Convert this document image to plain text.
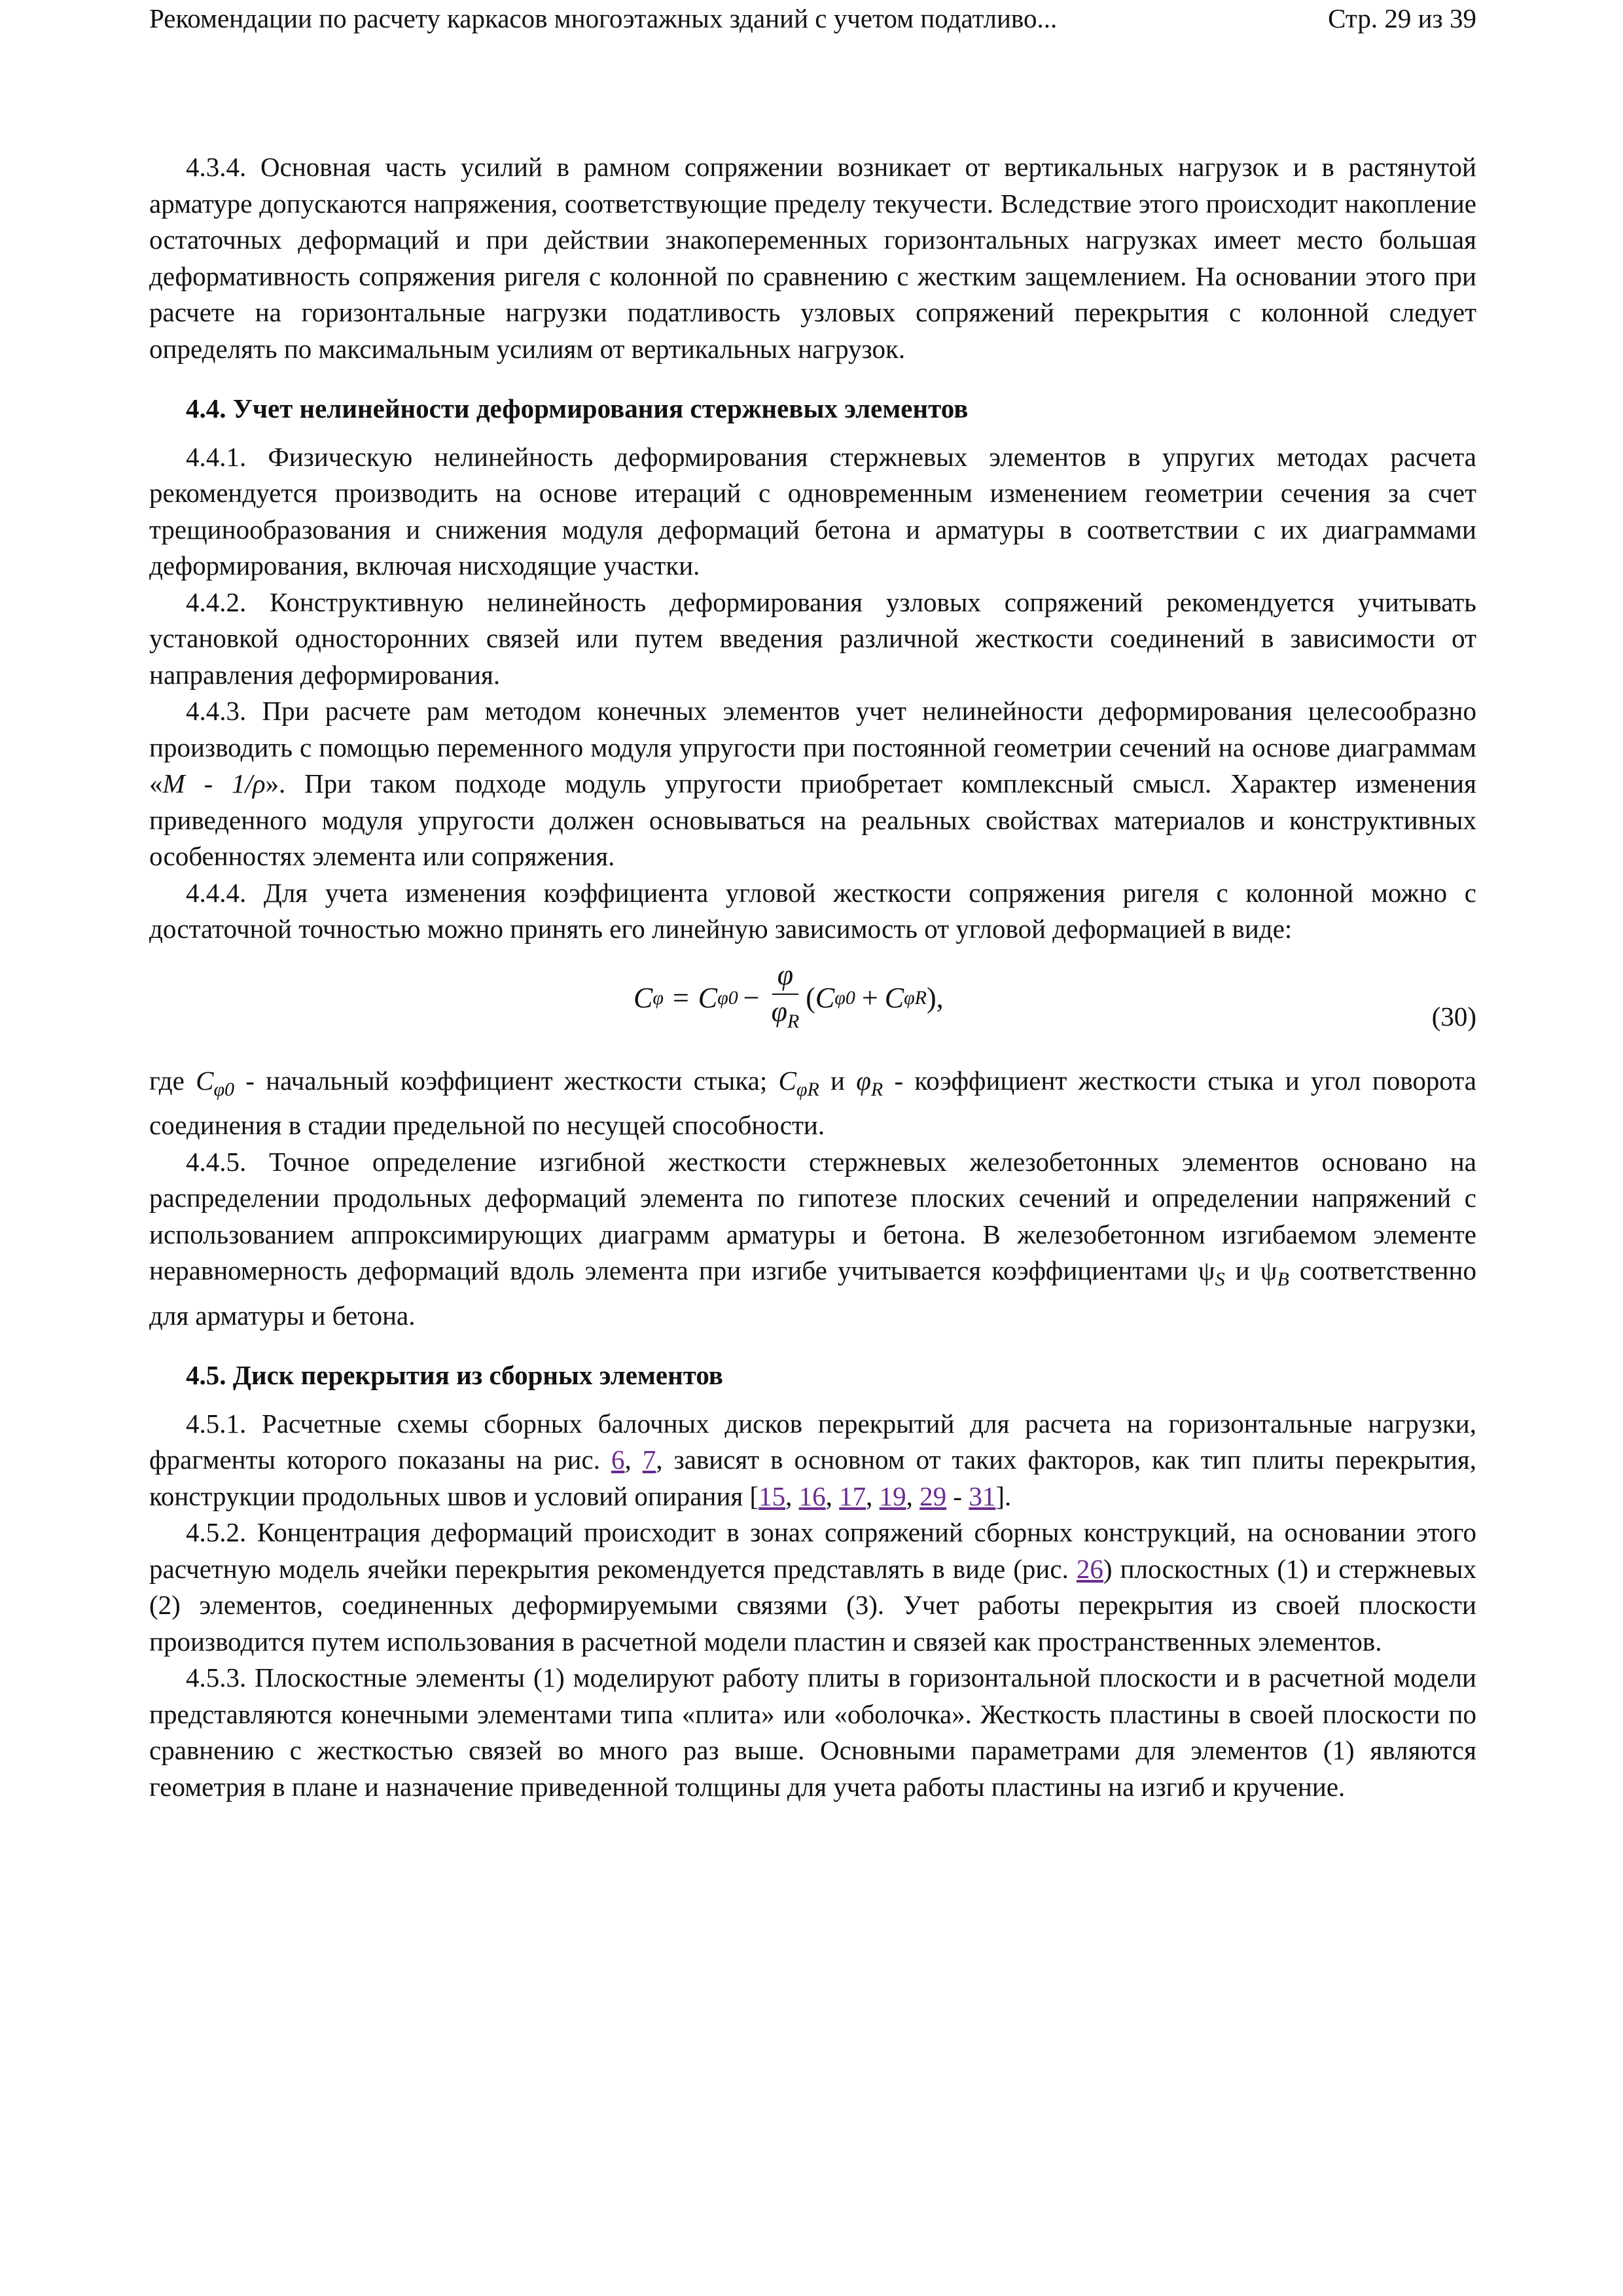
Рекомендации по расчету каркасов многоэтажных зданий с учетом податливо...	Стр. 29 из 39

4.3.4. Основная часть усилий в рамном сопряжении возникает от вертикальных нагрузок и в растянутой арматуре допускаются напряжения, соответствующие пределу текучести. Вследствие этого происходит накопление остаточных деформаций и при действии знакопеременных горизонтальных нагрузках имеет место большая деформативность сопряжения ригеля с колонной по сравнению с жестким защемлением. На основании этого при расчете на горизонтальные нагрузки податливость узловых сопряжений перекрытия с колонной следует определять по максимальным усилиям от вертикальных нагрузок.

4.4. Учет нелинейности деформирования стержневых элементов

4.4.1. Физическую нелинейность деформирования стержневых элементов в упругих методах расчета рекомендуется производить на основе итераций с одновременным изменением геометрии сечения за счет трещинообразования и снижения модуля деформаций бетона и арматуры в соответствии с их диаграммами деформирования, включая нисходящие участки.

4.4.2. Конструктивную нелинейность деформирования узловых сопряжений рекомендуется учитывать установкой односторонних связей или путем введения различной жесткости соединений в зависимости от направления деформирования.

4.4.3. При расчете рам методом конечных элементов учет нелинейности деформирования целесообразно производить с помощью переменного модуля упругости при постоянной геометрии сечений на основе диаграммам «M - 1/ρ». При таком подходе модуль упругости приобретает комплексный смысл. Характер изменения приведенного модуля упругости должен основываться на реальных свойствах материалов и конструктивных особенностях элемента или сопряжения.

4.4.4. Для учета изменения коэффициента угловой жесткости сопряжения ригеля с колонной можно с достаточной точностью можно принять его линейную зависимость от угловой деформацией в виде:

C φ = C $\varphi 0 - \frac{\varphi}{\varphi_R}$ ( C φ0 + C φR ),
(30)

где $C_{\varphi 0}$ - начальный коэффициент жесткости стыка; $C_{\varphi R}$ и $\varphi_R$ - коэффициент жесткости стыка и угол поворота соединения в стадии предельной по несущей способности.

4.4.5. Точное определение изгибной жесткости стержневых железобетонных элементов основано на распределении продольных деформаций элемента по гипотезе плоских сечений и определении напряжений с использованием аппроксимирующих диаграмм арматуры и бетона. В железобетонном изгибаемом элементе неравномерность деформаций вдоль элемента при изгибе учитывается коэффициентами $\psi_S$ и $\psi_B$ соответственно для арматуры и бетона.

4.5. Диск перекрытия из сборных элементов

4.5.1. Расчетные схемы сборных балочных дисков перекрытий для расчета на горизонтальные нагрузки, фрагменты которого показаны на рис. 6, 7, зависят в основном от таких факторов, как тип плиты перекрытия, конструкции продольных швов и условий опирания [15, 16, 17, 19, 29 - 31].

4.5.2. Концентрация деформаций происходит в зонах сопряжений сборных конструкций, на основании этого расчетную модель ячейки перекрытия рекомендуется представлять в виде (рис. 26) плоскостных (1) и стержневых (2) элементов, соединенных деформируемыми связями (3). Учет работы перекрытия из своей плоскости производится путем использования в расчетной модели пластин и связей как пространственных элементов.

4.5.3. Плоскостные элементы (1) моделируют работу плиты в горизонтальной плоскости и в расчетной модели представляются конечными элементами типа «плита» или «оболочка». Жесткость пластины в своей плоскости по сравнению с жесткостью связей во много раз выше. Основными параметрами для элементов (1) являются геометрия в плане и назначение приведенной толщины для учета работы пластины на изгиб и кручение.
